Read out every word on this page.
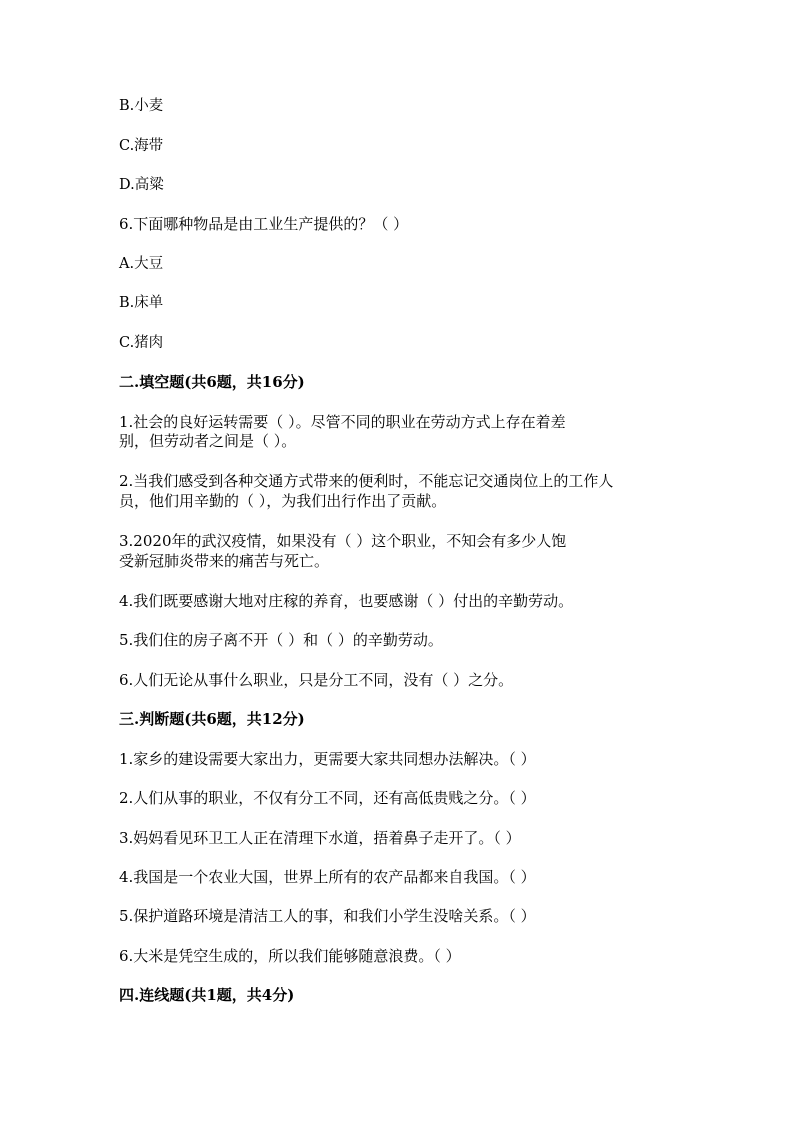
B.小麦

C.海带

D.高粱

6.下面哪种物品是由工业生产提供的？（ ）

A.大豆

B.床单

C.猪肉

二.填空题(共6题，共16分)

1.社会的良好运转需要（ ）。尽管不同的职业在劳动方式上存在着差

别，但劳动者之间是（ ）。

2.当我们感受到各种交通方式带来的便利时，不能忘记交通岗位上的工作人

员，他们用辛勤的（ ），为我们出行作出了贡献。

3.2020年的武汉疫情，如果没有（ ）这个职业，不知会有多少人饱

受新冠肺炎带来的痛苦与死亡。

4.我们既要感谢大地对庄稼的养育，也要感谢（ ）付出的辛勤劳动。

5.我们住的房子离不开（ ）和（ ）的辛勤劳动。

6.人们无论从事什么职业，只是分工不同，没有（ ）之分。

三.判断题(共6题，共12分)

1.家乡的建设需要大家出力，更需要大家共同想办法解决。（ ）

2.人们从事的职业，不仅有分工不同，还有高低贵贱之分。（ ）

3.妈妈看见环卫工人正在清理下水道，捂着鼻子走开了。（ ）

4.我国是一个农业大国，世界上所有的农产品都来自我国。（ ）

5.保护道路环境是清洁工人的事，和我们小学生没啥关系。（ ）

6.大米是凭空生成的，所以我们能够随意浪费。（ ）

四.连线题(共1题，共4分)
